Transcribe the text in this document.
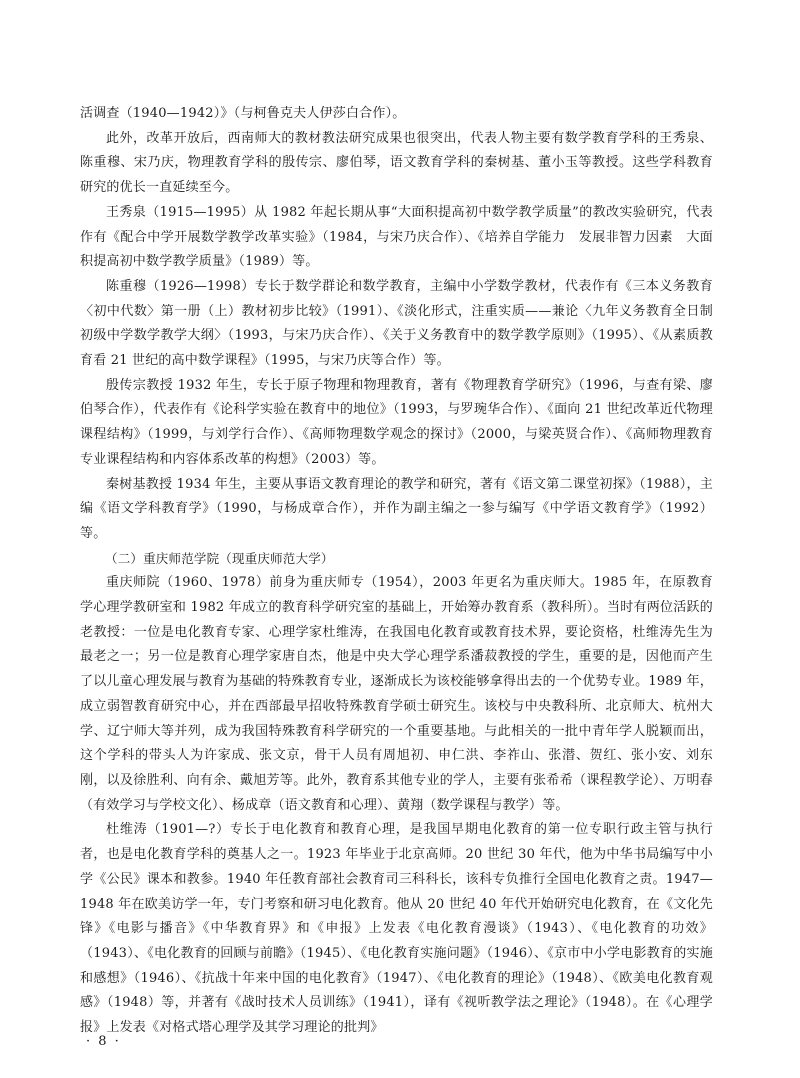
活调查（1940—1942）》（与柯鲁克夫人伊莎白合作）。

此外，改革开放后，西南师大的教材教法研究成果也很突出，代表人物主要有数学教育学科的王秀泉、陈重穆、宋乃庆，物理教育学科的殷传宗、廖伯琴，语文教育学科的秦树基、董小玉等教授。这些学科教育研究的优长一直延续至今。

王秀泉（1915—1995）从 1982 年起长期从事“大面积提高初中数学教学质量”的教改实验研究，代表作有《配合中学开展数学教学改革实验》（1984，与宋乃庆合作）、《培养自学能力　发展非智力因素　大面积提高初中数学教学质量》（1989）等。

陈重穆（1926—1998）专长于数学群论和数学教育，主编中小学数学教材，代表作有《三本义务教育〈初中代数〉第一册（上）教材初步比较》（1991）、《淡化形式，注重实质——兼论〈九年义务教育全日制初级中学数学教学大纲〉（1993，与宋乃庆合作）、《关于义务教育中的数学教学原则》（1995）、《从素质教育看 21 世纪的高中数学课程》（1995，与宋乃庆等合作）等。

殷传宗教授 1932 年生，专长于原子物理和物理教育，著有《物理教育学研究》（1996，与查有梁、廖伯琴合作），代表作有《论科学实验在教育中的地位》（1993，与罗琬华合作）、《面向 21 世纪改革近代物理课程结构》（1999，与刘学行合作）、《高师物理数学观念的探讨》（2000，与梁英贤合作）、《高师物理教育专业课程结构和内容体系改革的构想》（2003）等。

秦树基教授 1934 年生，主要从事语文教育理论的教学和研究，著有《语文第二课堂初探》（1988），主编《语文学科教育学》（1990，与杨成章合作），并作为副主编之一参与编写《中学语文教育学》（1992）等。

（二）重庆师范学院（现重庆师范大学）

重庆师院（1960、1978）前身为重庆师专（1954），2003 年更名为重庆师大。1985 年，在原教育学心理学教研室和 1982 年成立的教育科学研究室的基础上，开始筹办教育系（教科所）。当时有两位活跃的老教授：一位是电化教育专家、心理学家杜维涛，在我国电化教育或教育技术界，要论资格，杜维涛先生为最老之一；另一位是教育心理学家唐自杰，他是中央大学心理学系潘菽教授的学生，重要的是，因他而产生了以儿童心理发展与教育为基础的特殊教育专业，逐渐成长为该校能够拿得出去的一个优势专业。1989 年，成立弱智教育研究中心，并在西部最早招收特殊教育学硕士研究生。该校与中央教科所、北京师大、杭州大学、辽宁师大等并列，成为我国特殊教育科学研究的一个重要基地。与此相关的一批中青年学人脱颖而出，这个学科的带头人为许家成、张文京，骨干人员有周旭初、申仁洪、李祚山、张潜、贺红、张小安、刘东刚，以及徐胜利、向有余、戴旭芳等。此外，教育系其他专业的学人，主要有张希希（课程教学论）、万明春（有效学习与学校文化）、杨成章（语文教育和心理）、黄翔（数学课程与教学）等。

杜维涛（1901—?）专长于电化教育和教育心理，是我国早期电化教育的第一位专职行政主管与执行者，也是电化教育学科的奠基人之一。1923 年毕业于北京高师。20 世纪 30 年代，他为中华书局编写中小学《公民》课本和教参。1940 年任教育部社会教育司三科科长，该科专负推行全国电化教育之责。1947—1948 年在欧美访学一年，专门考察和研习电化教育。他从 20 世纪 40 年代开始研究电化教育，在《文化先锋》《电影与播音》《中华教育界》和《申报》上发表《电化教育漫谈》（1943）、《电化教育的功效》（1943）、《电化教育的回顾与前瞻》（1945）、《电化教育实施问题》（1946）、《京市中小学电影教育的实施和感想》（1946）、《抗战十年来中国的电化教育》（1947）、《电化教育的理论》（1948）、《欧美电化教育观感》（1948）等，并著有《战时技术人员训练》（1941），译有《视听教学法之理论》（1948）。在《心理学报》上发表《对格式塔心理学及其学习理论的批判》

· 8 ·
